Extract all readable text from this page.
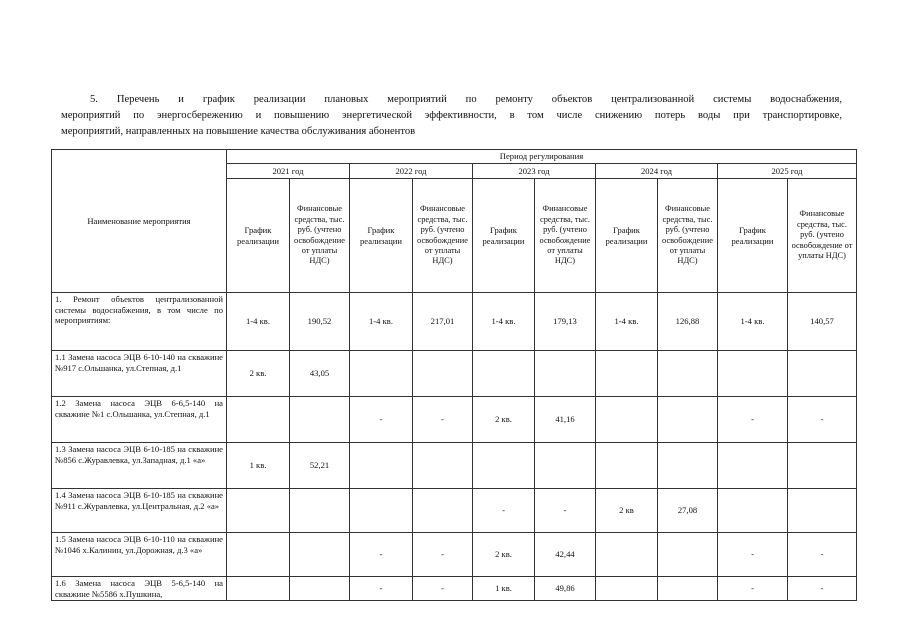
5. Перечень и график реализации плановых мероприятий по ремонту объектов централизованной системы водоснабжения,

мероприятий по энергосбережению и повышению энергетической эффективности, в том числе снижению потерь воды при транспортировке,

мероприятий, направленных на повышение качества обслуживания абонентов

Наименование мероприятия	Период регулирования									
	2021 год		2022 год		2023 год		2024 год		2025 год	
	График реализации	Финансовые средства, тыс. руб. (учтено освобождение от уплаты НДС)	График реализации	Финансовые средства, тыс. руб. (учтено освобождение от уплаты НДС)	График реализации	Финансовые средства, тыс. руб. (учтено освобождение от уплаты НДС)	График реализации	Финансовые средства, тыс. руб. (учтено освобождение от уплаты НДС)	График реализации	Финансовые средства, тыс. руб. (учтено освобождение от уплаты НДС)
1. Ремонт объектов централизованной системы водоснабжения, в том числе по мероприятиям:	1-4 кв.	190,52	1-4 кв.	217,01	1-4 кв.	179,13	1-4 кв.	126,88	1-4 кв.	140,57
1.1 Замена насоса ЭЦВ 6-10-140 на скважине №917 с.Ольшанка, ул.Степная, д.1	2 кв.	43,05								
1.2 Замена насоса ЭЦВ 6-6,5-140 на скважине №1 с.Ольшанка, ул.Степная, д.1			-	-	2 кв.	41,16			-	-
1.3 Замена насоса ЭЦВ 6-10-185 на скважине №856 с.Журавлевка, ул.Западная, д.1 «а»	1 кв.	52,21								
1.4 Замена насоса ЭЦВ 6-10-185 на скважине №911 с.Журавлевка, ул.Центральная, д.2 «а»					-	-	2 кв	27,08		
1.5 Замена насоса ЭЦВ 6-10-110 на скважине №1046 х.Калинин, ул.Дорожная, д.3 «а»			-	-	2 кв.	42,44			-	-
1.6 Замена насоса ЭЦВ 5-6,5-140 на скважине №5586 х.Пушкина,			-	-	1 кв.	49,86			-	-
